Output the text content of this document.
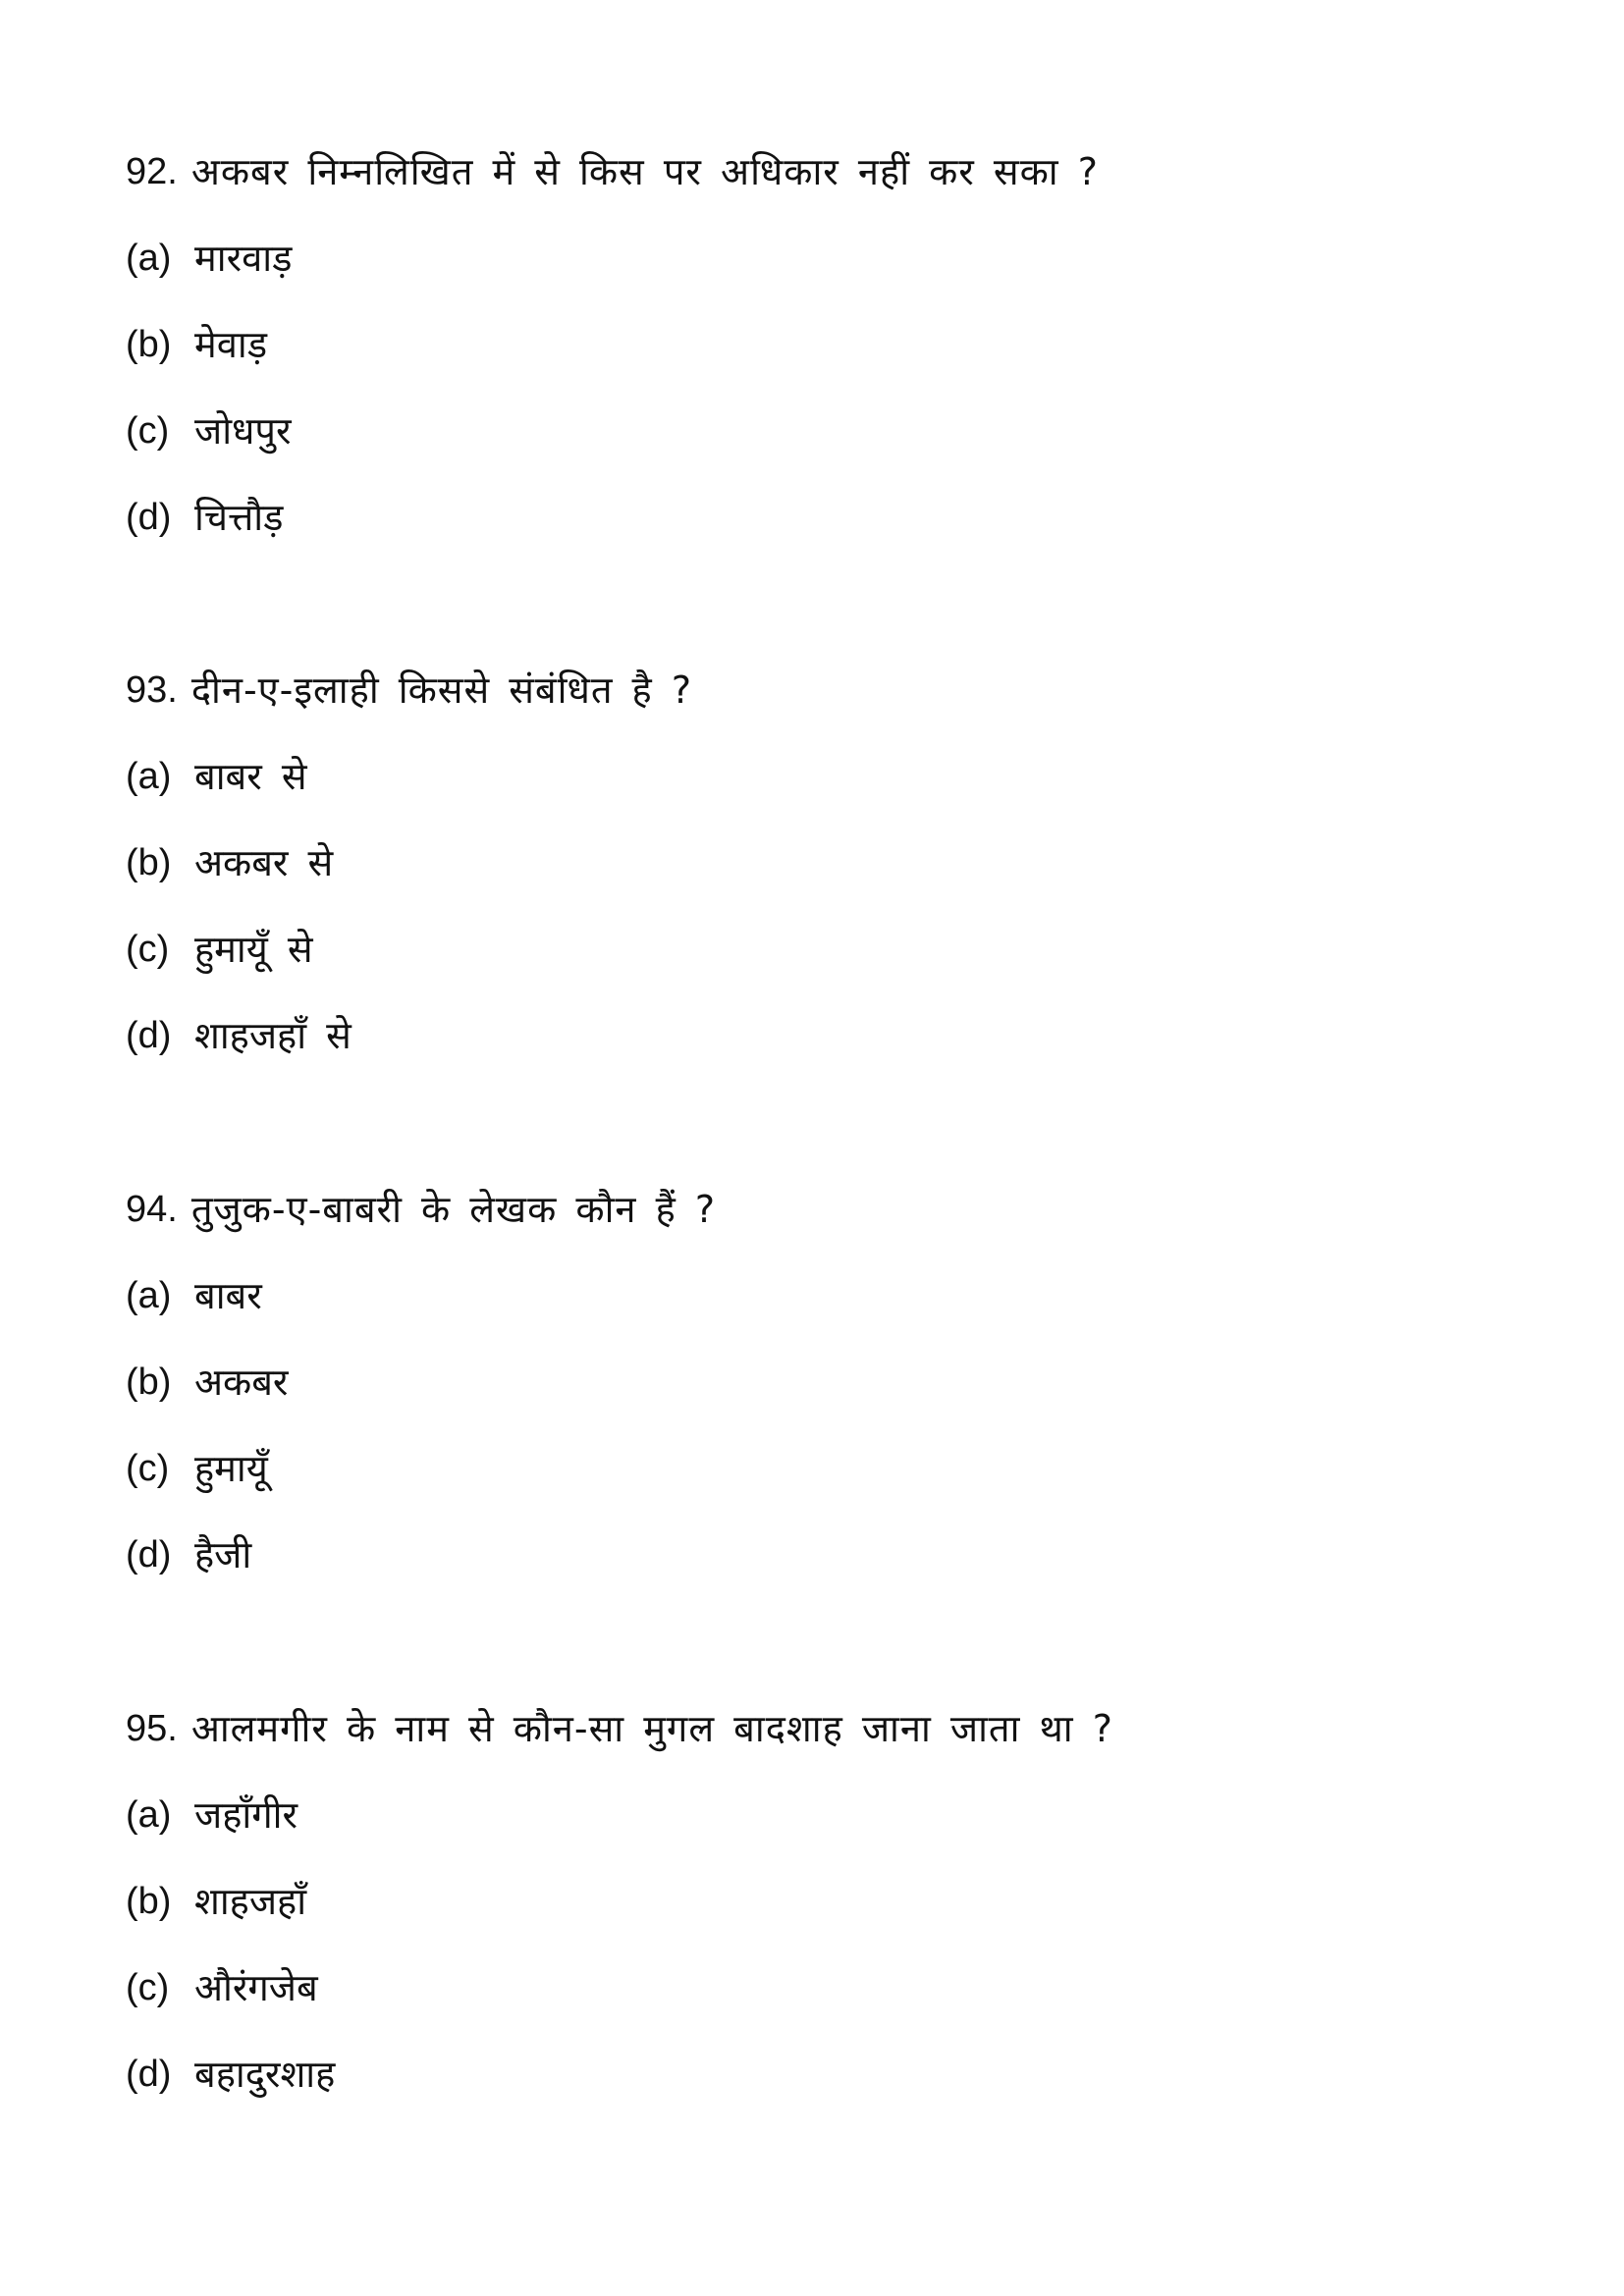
92. अकबर निम्नलिखित में से किस पर अधिकार नहीं कर सका ?
(a) मारवाड़
(b) मेवाड़
(c) जोधपुर
(d) चित्तौड़
93. दीन-ए-इलाही किससे संबंधित है ?
(a) बाबर से
(b) अकबर से
(c) हुमायूँ से
(d) शाहजहाँ से
94. तुजुक-ए-बाबरी के लेखक कौन हैं ?
(a) बाबर
(b) अकबर
(c) हुमायूँ
(d) हैजी
95. आलमगीर के नाम से कौन-सा मुगल बादशाह जाना जाता था ?
(a) जहाँगीर
(b) शाहजहाँ
(c) औरंगजेब
(d) बहादुरशाह
